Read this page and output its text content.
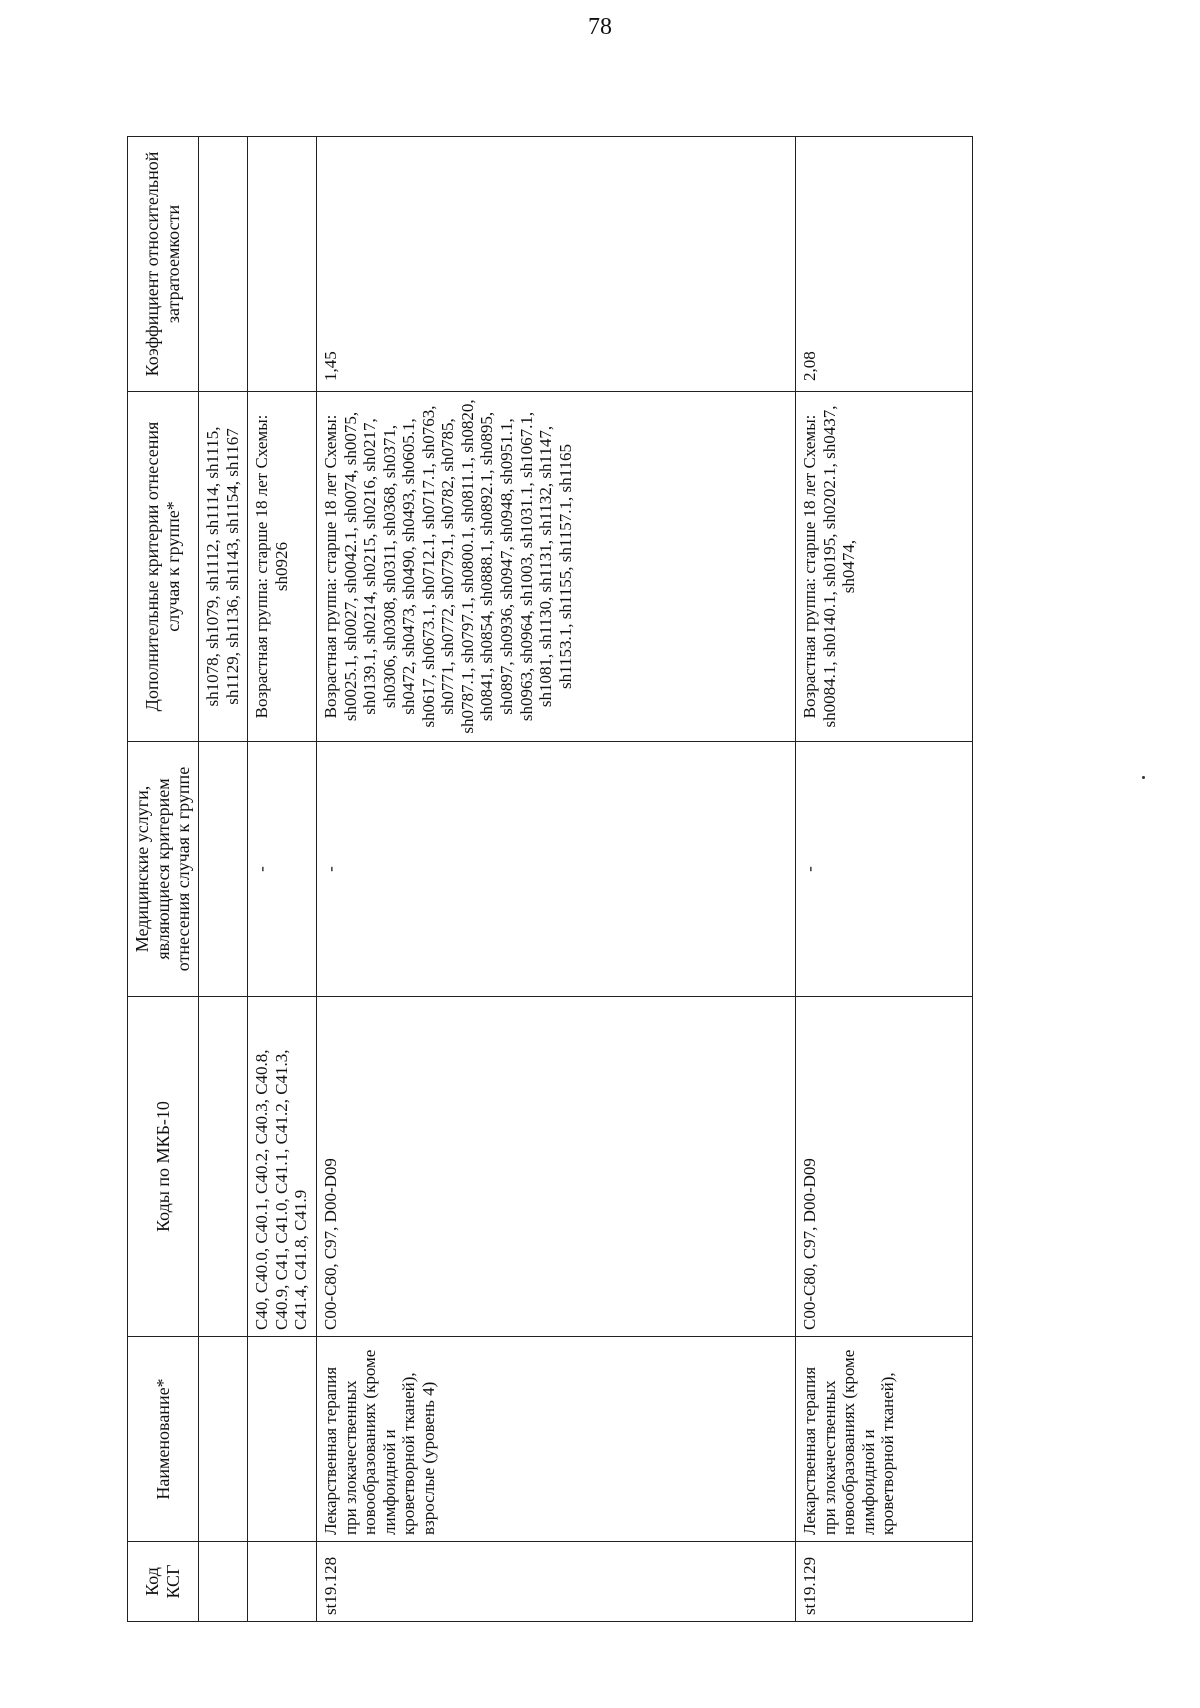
78
Код КСГ	Наименование*	Коды по МКБ-10	Медицинские услуги, являющиеся критерием отнесения случая к группе	Дополнительные критерии отнесения случая к группе*	Коэффициент относительной затратоемкости
				sh1078, sh1079, sh1112, sh1114, sh1115, sh1129, sh1136, sh1143, sh1154, sh1167	
		C40, C40.0, C40.1, C40.2, C40.3, C40.8, C40.9, C41, C41.0, C41.1, C41.2, C41.3, C41.4, C41.8, C41.9	-	Возрастная группа: старше 18 лет Схемы: sh0926	
st19.128	Лекарственная терапия при злокачественных новообразованиях (кроме лимфоидной и кроветворной тканей), взрослые (уровень 4)	C00-C80, C97, D00-D09	-	Возрастная группа: старше 18 лет Схемы: sh0025.1, sh0027, sh0042.1, sh0074, sh0075, sh0139.1, sh0214, sh0215, sh0216, sh0217, sh0306, sh0308, sh0311, sh0368, sh0371, sh0472, sh0473, sh0490, sh0493, sh0605.1, sh0617, sh0673.1, sh0712.1, sh0717.1, sh0763, sh0771, sh0772, sh0779.1, sh0782, sh0785, sh0787.1, sh0797.1, sh0800.1, sh0811.1, sh0820, sh0841, sh0854, sh0888.1, sh0892.1, sh0895, sh0897, sh0936, sh0947, sh0948, sh0951.1, sh0963, sh0964, sh1003, sh1031.1, sh1067.1, sh1081, sh1130, sh1131, sh1132, sh1147, sh1153.1, sh1155, sh1157.1, sh1165	1,45
st19.129	Лекарственная терапия при злокачественных новообразованиях (кроме лимфоидной и кроветворной тканей),	C00-C80, C97, D00-D09	-	Возрастная группа: старше 18 лет Схемы: sh0084.1, sh0140.1, sh0195, sh0202.1, sh0437, sh0474,	2,08
